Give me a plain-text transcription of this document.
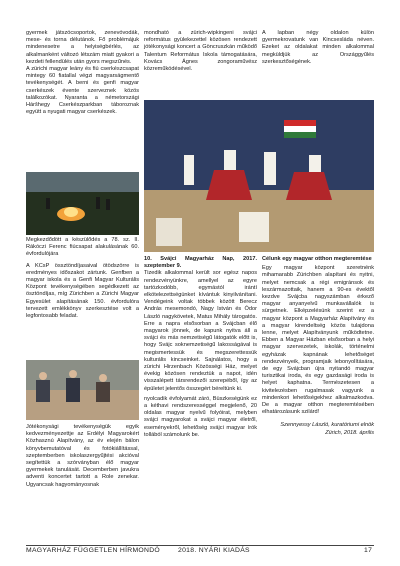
gyermek játszócsoportok, zenevóvodák, mese- és torna délutánok. Fő problémájuk mindenesetre a helyiségbérlés, az alkalmanként változó létszám miatt gyakori a kezdeti fellendülés után gyors megszűnés.

A zürichi magyar leány és fiú cserkészcsapat mintegy 60 fiatallal végzi magyarságmentő tevékenységét. A berni és genfi magyar cserkészek évente szerveznek közös találkozókat. Nyaranta a németországi Háršhegy Cserkészparkban táboroznak együtt a nyugati magyar cserkészek.

Megkezdődött a készülődés a 78. sz. II. Rákóczi Ferenc fiúcsapat alakulásának 60. évfordulójára

A KCsP össztöndíjasaival ötödszörre is eredményes időszakot zártunk. Genfben a magyar iskola és a Genfi Magyar Kulturális Központ tevékenységében segédkezett az ösztöndíjas, míg Zürichben a Zürichi Magyar Egyesület alapításának 150. évfordulóra tervezett emlékkönyv szerkesztése volt a legfontosabb feladat.

Jótékonysági tevékenységük egyik kedvezményezettje az Erdélyi Magyarokért Közhasznú Alapítvány, az év elején bálon könyvbemutatóval és fotókiállítással, szeptemberben iskolaszergyűjtési akcióval segítettük a szórványban élő magyar gyermekek tanulását. Decemberben javukra adventi koncertet tartott a Role zenekar. Ugyancsak hagyományosnak

mondható a zürich-wipkingeni svájci református gyülekezettel közösen rendezett jótékonysági koncert a Göncruszkán működő Talentum Református Iskola támogatására, Kovács Ágnes zongoraművész közreműködésével.

10. Svájci Magyarház Nap, 2017. szeptember 9.

Tizedik alkalommal került sor egész napos rendezvényünkre, amellyel az egyre tartózkodóbb, egymástól irántí elkötelezettségünket kívántuk kinyilvánítani. Vendégeink voltak többek között Berecz András mesemondó, Nagy István és Ódor László nagykövetek, Matus Mihály tárogatós. Erre a napra elsősorban a Svájcban élő magyarok jönnek, de kapunk nyitva áll a svájci és más nemzetiségű látogatók előtt is, hogy Svájc soknemzetiségű lakosságával is megismertessük és megszerettessük kulturális kincseinket. Sajnálatos, hogy a zürichi Hirzenbach Közösségi Ház, melyet évekig közösen rendeztük a napot, idén visszalépett társrendezői szerepéből, így az épületet jelentős összegért béreltünk ki.

nyolcadik évfolyamát záró, Büszkeségünk ez a kéthavi rendszerességgel megjelenő, 20 oldalas magyar nyelvű folyóirat, melyben svájci magyarokat a svájci magyar életről, eseményekről, lehetőség svájci magyar írók tollából számolunk be.

A lapban négy oldalon külön gyermekrovatunk van Kincsesláda néven. Ezeket az oldalakat minden alkalommal megküldjük az Országgyűlés szerkesztőségének.

Célunk egy magyar otthon megteremtése

Egy magyar központ szeretnénk mihamarabb Zürichben alapítani és nyitni, melyet nemcsak a régi emigránsok és leszármazottaik, hanem a 90-es évektől kezdve Svájcba nagyszámban érkező magyar anyanyelvű munkavállalók is sürgetnek. Elképzelésünk szerint ez a magyar központ a Magyarház Alapítvány és a magyar kirendeltség közös tulajdona lenne, melyet Alapítványunk működtetne. Ebben a Magyar Házban elsősorban a helyi magyar szervezetek, iskolák, történelmi egyházak kapnának lehetőséget rendezvényeik, programjaik lebonyolítására, de egy Svájcban újra nyitandó magyar turisztikai iroda, és egy gazdasági iroda is helyet kaphatna. Természetesen a kivitelezésben rugalmasak vagyunk a mindenkori lehetőségekhez alkalmazkodva. De a magyar otthon megteremtésében elhatározásunk szilárd!

Szennyessy László, kuratóriumi elnök

Zürich, 2018. április

MAGYARHÁZ FÜGGETLEN HÍRMONDÓ	2018. NYÁRI KIADÁS	17
